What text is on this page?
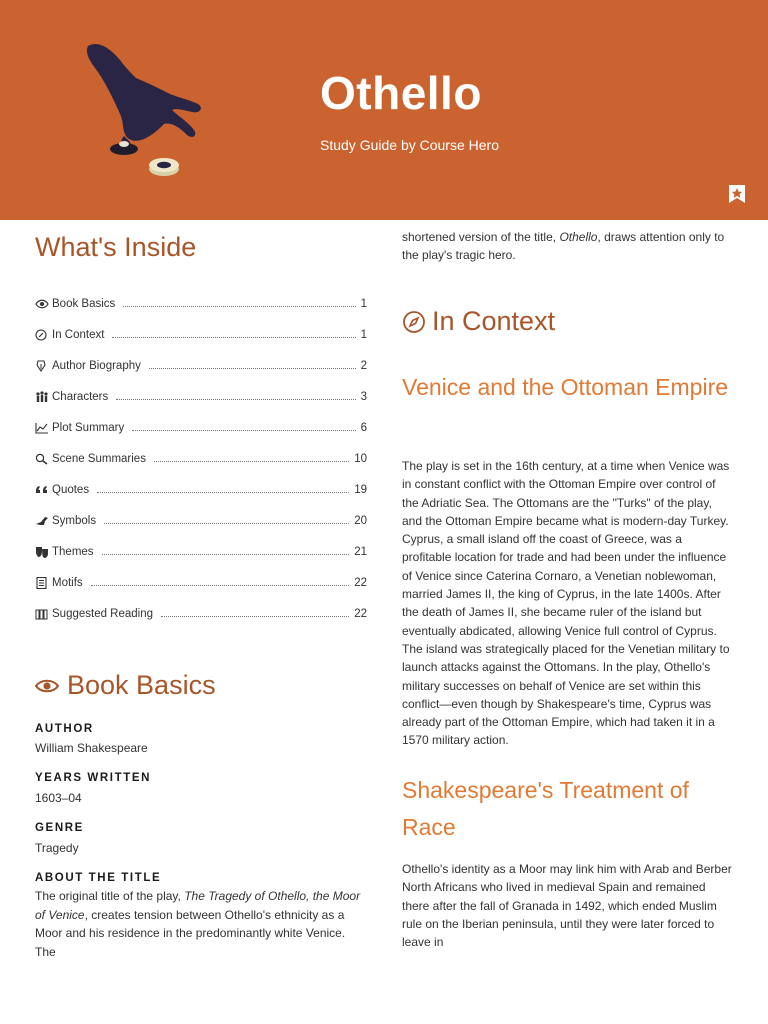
Othello
Study Guide by Course Hero
What's Inside
Book Basics	1
In Context	1
Author Biography	2
Characters	3
Plot Summary	6
Scene Summaries	10
Quotes	19
Symbols	20
Themes	21
Motifs	22
Suggested Reading	22
Book Basics
AUTHOR
William Shakespeare
YEARS WRITTEN
1603–04
GENRE
Tragedy
ABOUT THE TITLE

The original title of the play, The Tragedy of Othello, the Moor of Venice, creates tension between Othello's ethnicity as a Moor and his residence in the predominantly white Venice. The

shortened version of the title, Othello, draws attention only to the play's tragic hero.

In Context
Venice and the Ottoman Empire

The play is set in the 16th century, at a time when Venice was in constant conflict with the Ottoman Empire over control of the Adriatic Sea. The Ottomans are the "Turks" of the play, and the Ottoman Empire became what is modern-day Turkey. Cyprus, a small island off the coast of Greece, was a profitable location for trade and had been under the influence of Venice since Caterina Cornaro, a Venetian noblewoman, married James II, the king of Cyprus, in the late 1400s. After the death of James II, she became ruler of the island but eventually abdicated, allowing Venice full control of Cyprus. The island was strategically placed for the Venetian military to launch attacks against the Ottomans. In the play, Othello's military successes on behalf of Venice are set within this conflict—even though by Shakespeare's time, Cyprus was already part of the Ottoman Empire, which had taken it in a 1570 military action.

Shakespeare's Treatment of Race

Othello's identity as a Moor may link him with Arab and Berber North Africans who lived in medieval Spain and remained there after the fall of Granada in 1492, which ended Muslim rule on the Iberian peninsula, until they were later forced to leave in
